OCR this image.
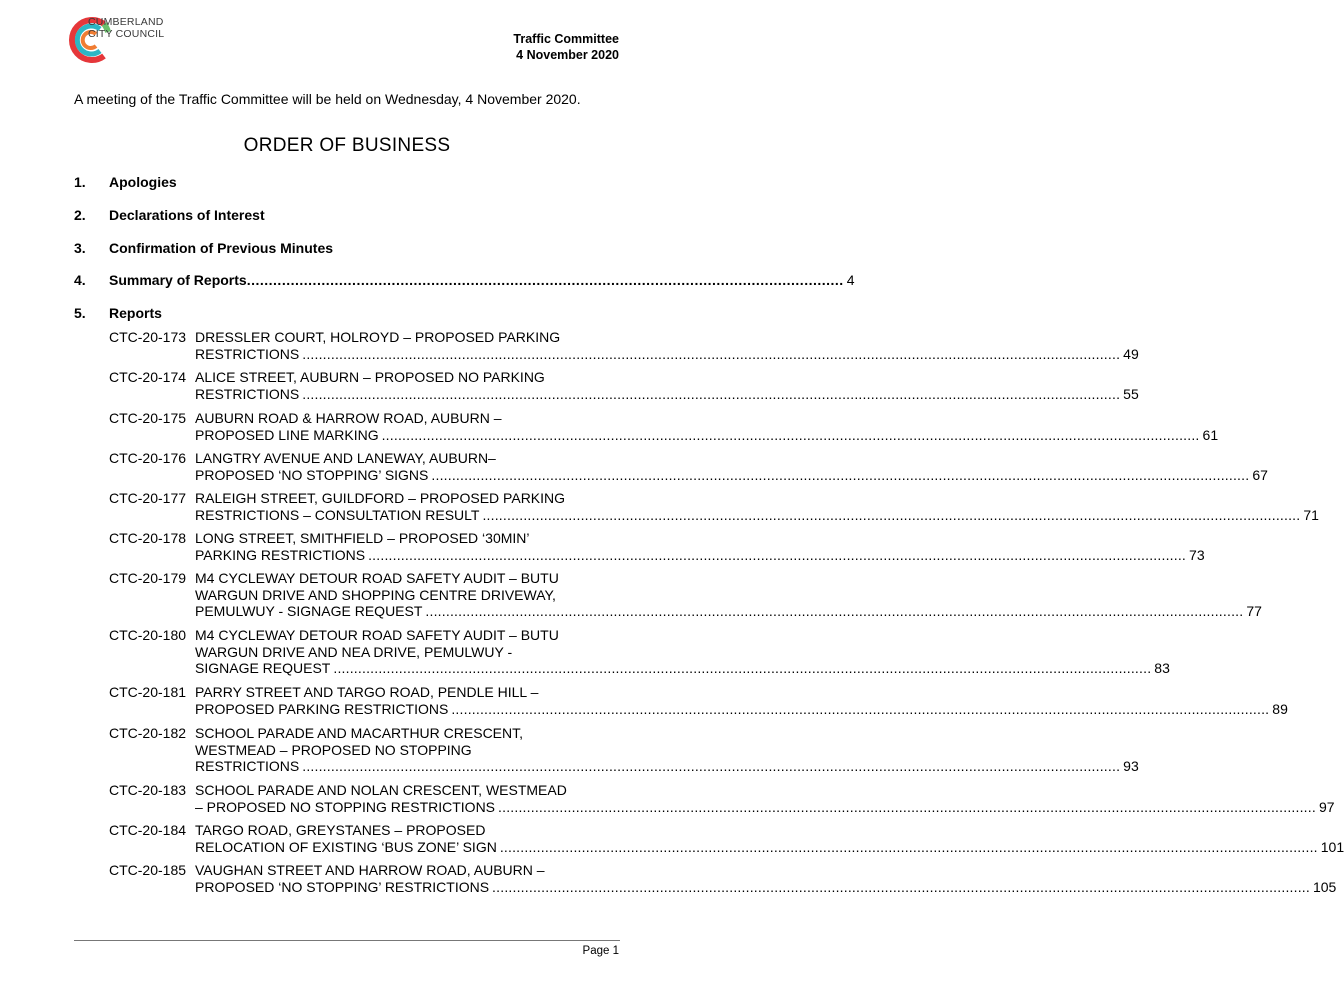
CUMBERLAND
CITY COUNCIL	Traffic Committee
4 November 2020
A meeting of the Traffic Committee will be held on Wednesday, 4 November 2020.
ORDER OF BUSINESS
1.	Apologies
2.	Declarations of Interest
3.	Confirmation of Previous Minutes
4.	Summary of Reports ........................................................................................................................................ 4
5.	Reports
CTC-20-173 DRESSLER COURT, HOLROYD – PROPOSED PARKING
RESTRICTIONS ........................................................................................................................................................................................................ 49
CTC-20-174 ALICE STREET, AUBURN – PROPOSED NO PARKING
RESTRICTIONS ........................................................................................................................................................................................................ 55
CTC-20-175 AUBURN ROAD & HARROW ROAD, AUBURN –
PROPOSED LINE MARKING ........................................................................................................................................................................................................ 61
CTC-20-176 LANGTRY AVENUE AND LANEWAY, AUBURN–
PROPOSED ‘NO STOPPING’ SIGNS ........................................................................................................................................................................................................ 67
CTC-20-177 RALEIGH STREET, GUILDFORD – PROPOSED PARKING
RESTRICTIONS – CONSULTATION RESULT ........................................................................................................................................................................................................ 71
CTC-20-178 LONG STREET, SMITHFIELD – PROPOSED ‘30MIN’
PARKING RESTRICTIONS ........................................................................................................................................................................................................ 73
CTC-20-179 M4 CYCLEWAY DETOUR ROAD SAFETY AUDIT – BUTU
WARGUN DRIVE AND SHOPPING CENTRE DRIVEWAY,
PEMULWUY - SIGNAGE REQUEST ........................................................................................................................................................................................................ 77
CTC-20-180 M4 CYCLEWAY DETOUR ROAD SAFETY AUDIT – BUTU
WARGUN DRIVE AND NEA DRIVE, PEMULWUY -
SIGNAGE REQUEST ........................................................................................................................................................................................................ 83
CTC-20-181 PARRY STREET AND TARGO ROAD, PENDLE HILL –
PROPOSED PARKING RESTRICTIONS ........................................................................................................................................................................................................ 89
CTC-20-182 SCHOOL PARADE AND MACARTHUR CRESCENT,
WESTMEAD – PROPOSED NO STOPPING
RESTRICTIONS ........................................................................................................................................................................................................ 93
CTC-20-183 SCHOOL PARADE AND NOLAN CRESCENT, WESTMEAD
– PROPOSED NO STOPPING RESTRICTIONS ........................................................................................................................................................................................................ 97
CTC-20-184 TARGO ROAD, GREYSTANES – PROPOSED
RELOCATION OF EXISTING ‘BUS ZONE’ SIGN ........................................................................................................................................................................................................ 101
CTC-20-185 VAUGHAN STREET AND HARROW ROAD, AUBURN –
PROPOSED ‘NO STOPPING’ RESTRICTIONS ........................................................................................................................................................................................................ 105
Page 1
